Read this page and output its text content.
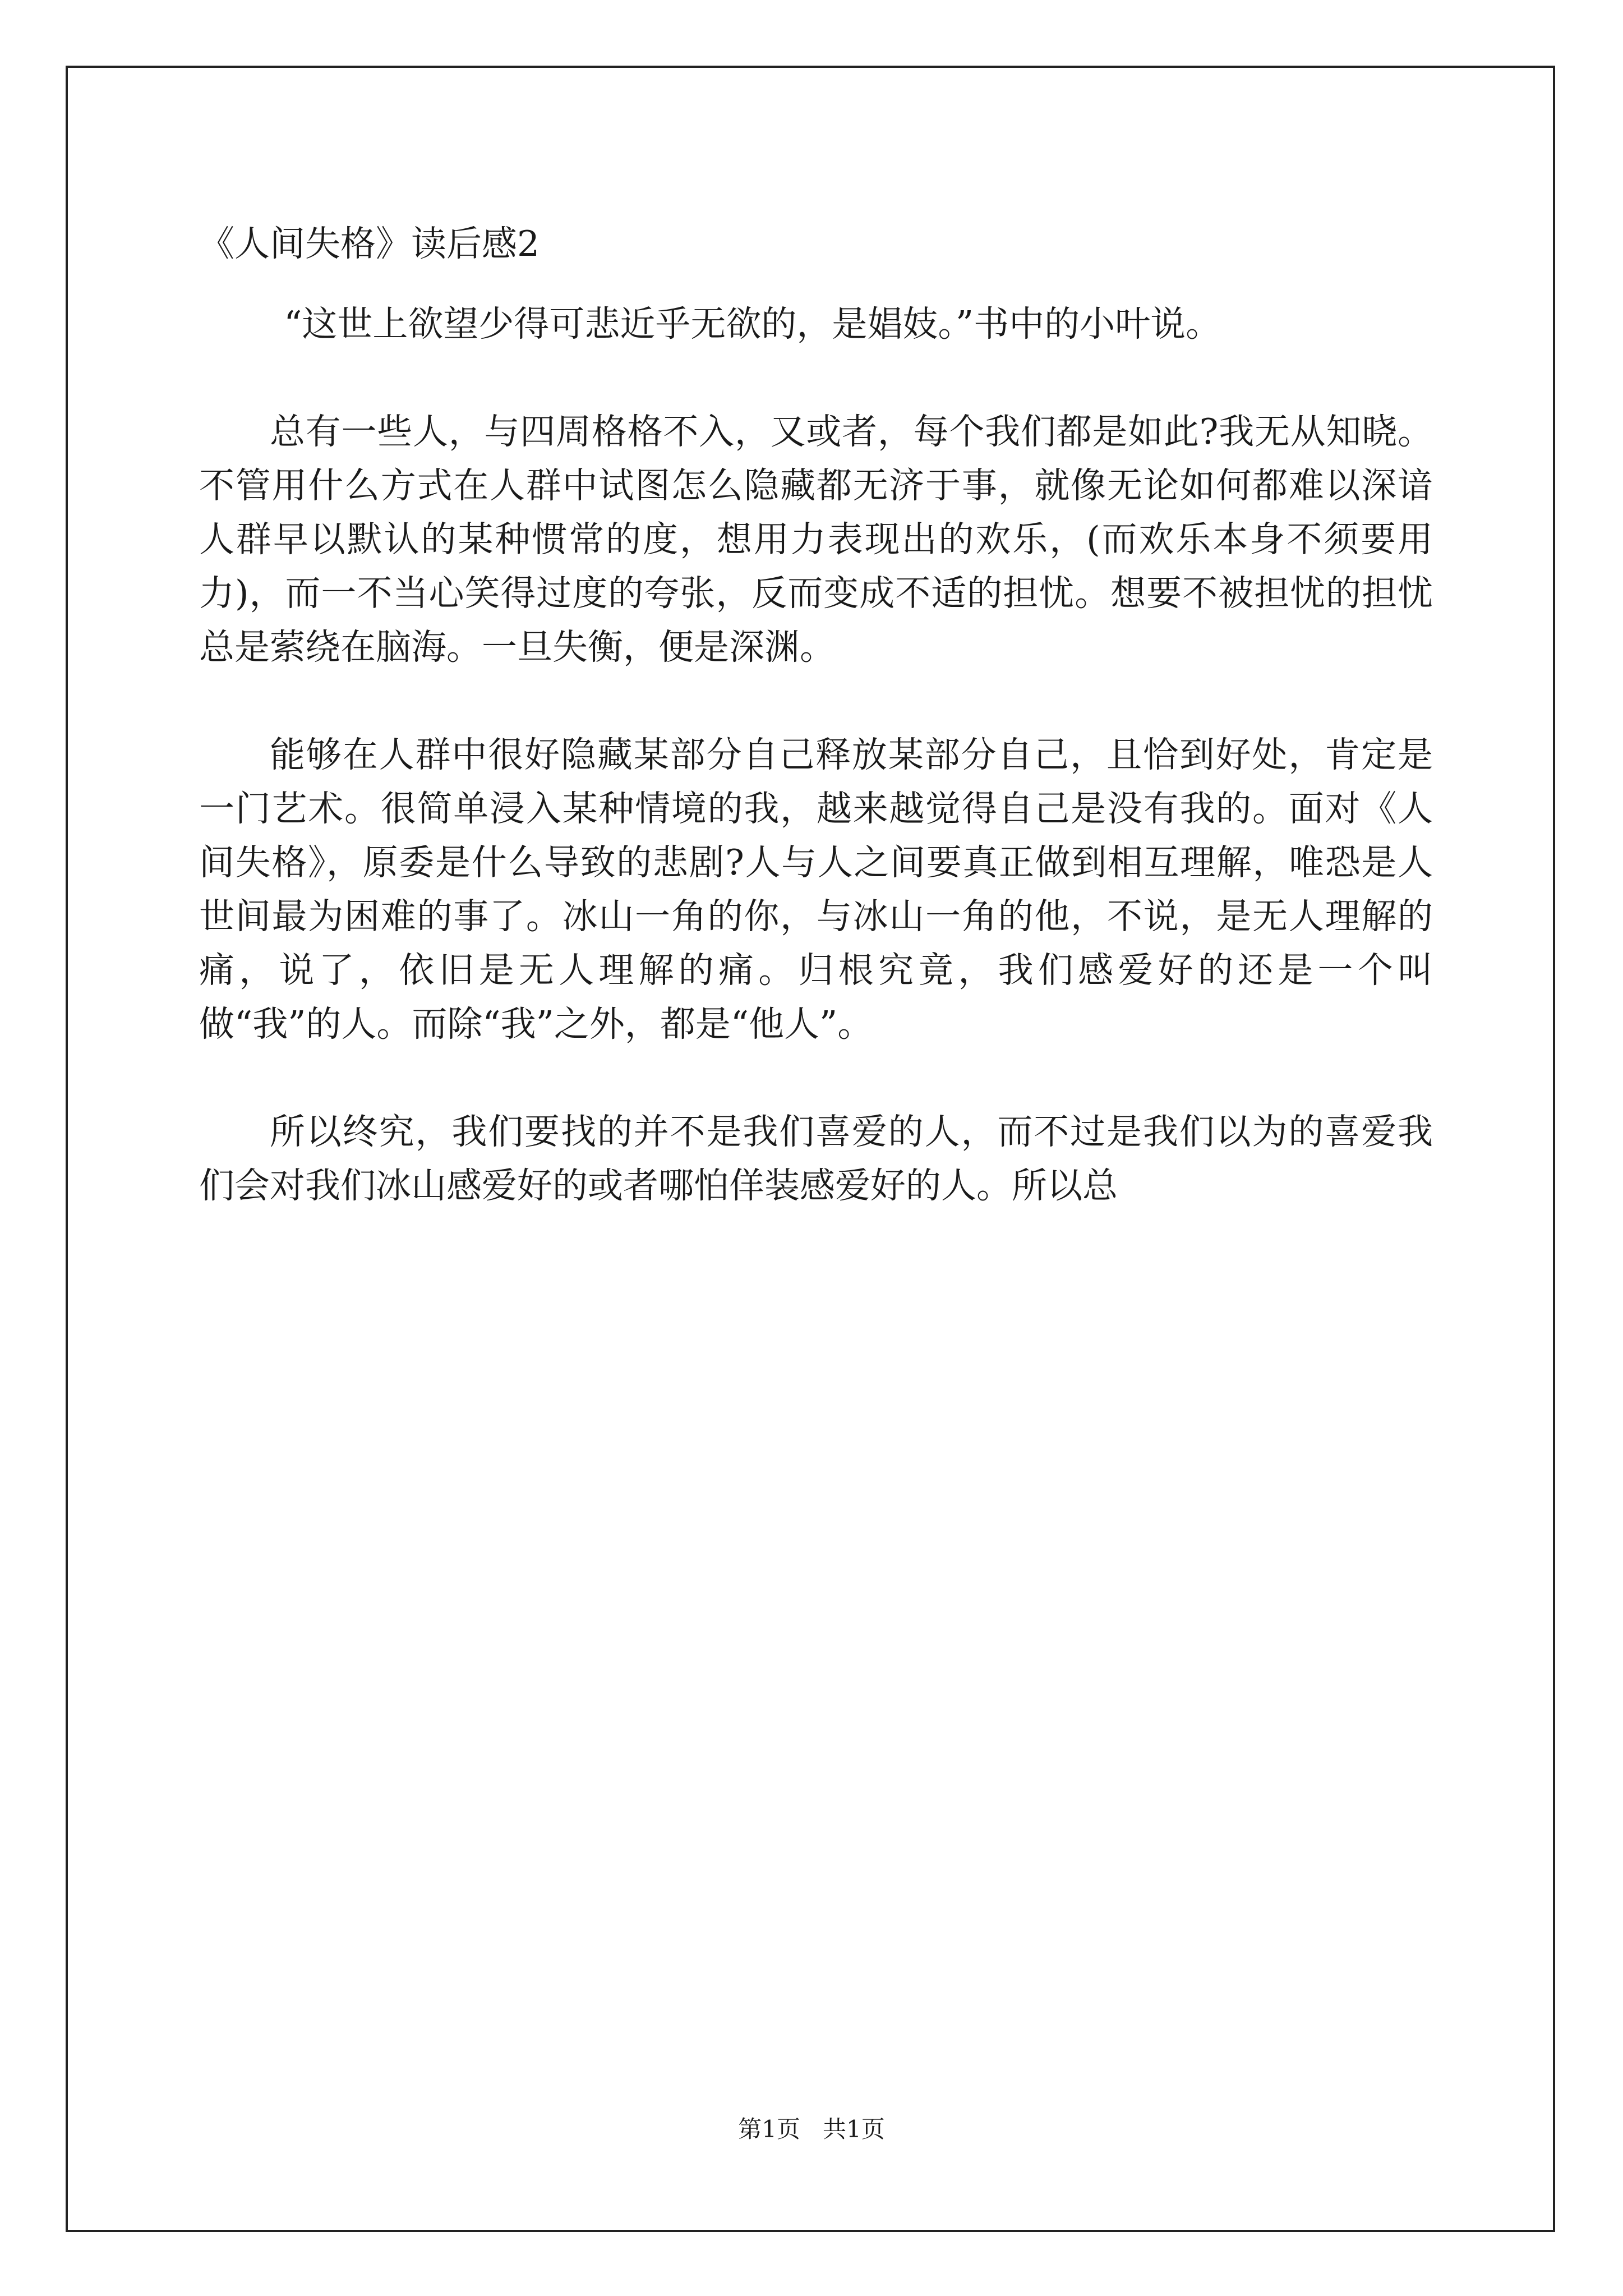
《人间失格》读后感2

“这世上欲望少得可悲近乎无欲的，是娼妓。”书中的小叶说。

总有一些人，与四周格格不入，又或者，每个我们都是如此?我无从知晓。不管用什么方式在人群中试图怎么隐藏都无济于事，就像无论如何都难以深谙人群早以默认的某种惯常的度，想用力表现出的欢乐，(而欢乐本身不须要用力)，而一不当心笑得过度的夸张，反而变成不适的担忧。想要不被担忧的担忧总是萦绕在脑海。一旦失衡，便是深渊。

能够在人群中很好隐藏某部分自己释放某部分自己，且恰到好处，肯定是一门艺术。很简单浸入某种情境的我，越来越觉得自己是没有我的。面对《人间失格》，原委是什么导致的悲剧?人与人之间要真正做到相互理解，唯恐是人世间最为困难的事了。冰山一角的你，与冰山一角的他，不说，是无人理解的痛，说了，依旧是无人理解的痛。归根究竟，我们感爱好的还是一个叫做“我”的人。而除“我”之外，都是“他人”。

所以终究，我们要找的并不是我们喜爱的人，而不过是我们以为的喜爱我们会对我们冰山感爱好的或者哪怕佯装感爱好的人。所以总

第1页   共1页
